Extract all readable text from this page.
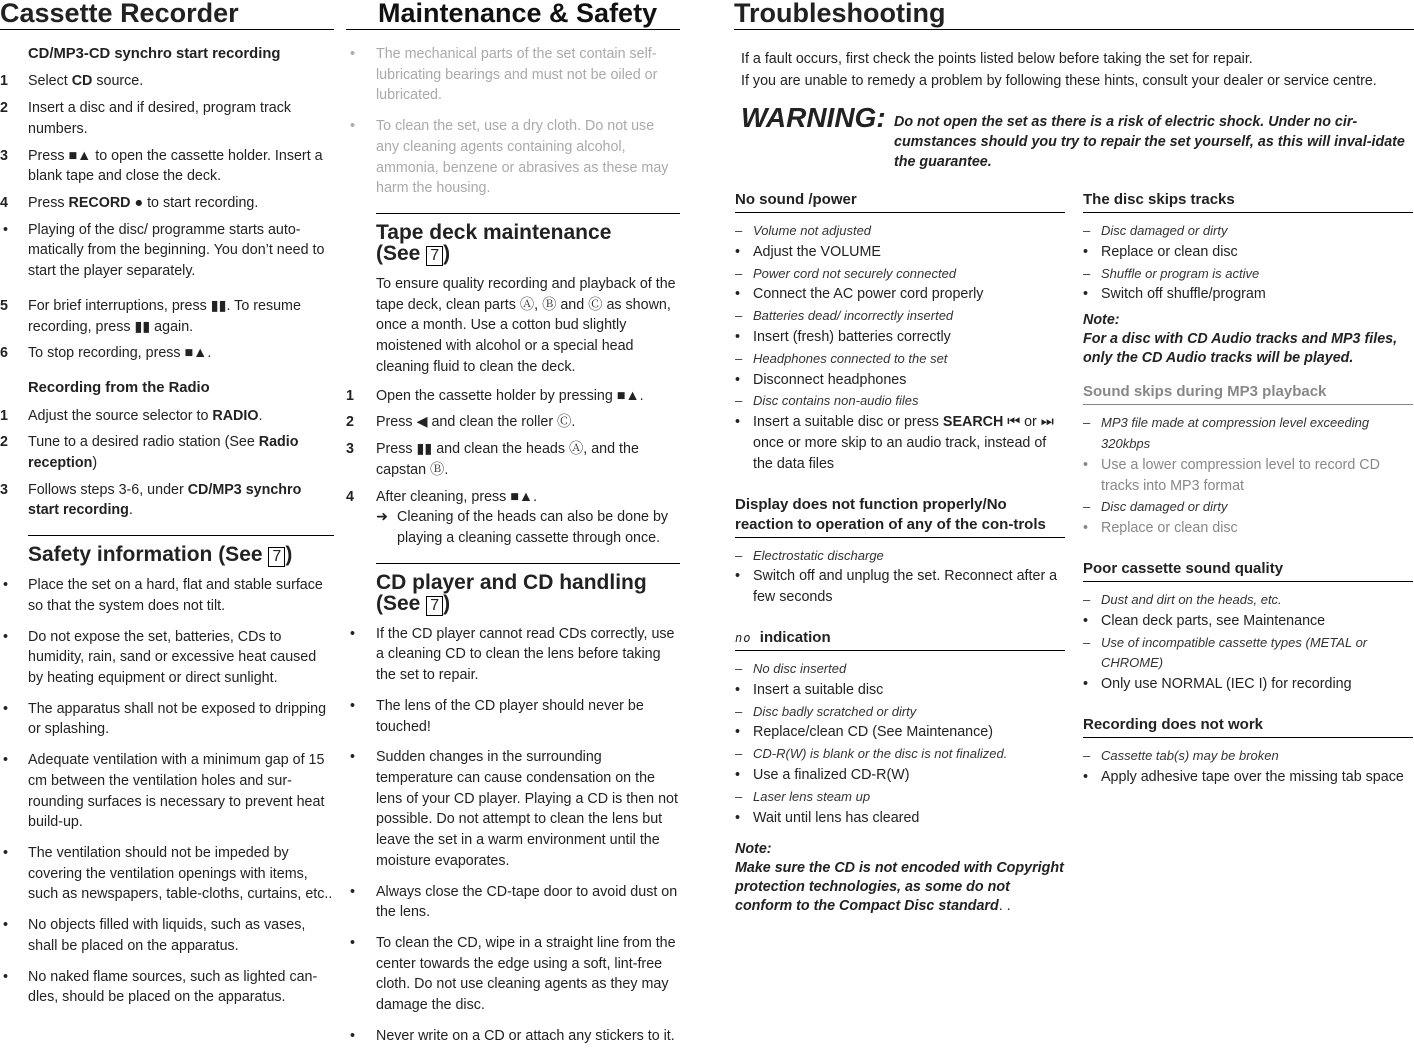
Cassette Recorder
CD/MP3-CD synchro start recording
1 Select CD source.
2 Insert a disc and if desired, program track numbers.
3 Press ■▲ to open the cassette holder. Insert a blank tape and close the deck.
4 Press RECORD ● to start recording.
• Playing of the disc/ programme starts auto-matically from the beginning. You don’t need to start the player separately.
5 For brief interruptions, press ▮▮. To resume recording, press ▮▮ again.
6 To stop recording, press ■▲.
Recording from the Radio
1 Adjust the source selector to RADIO.
2 Tune to a desired radio station (See Radio reception)
3 Follows steps 3-6, under CD/MP3 synchro start recording.
Safety information (See 7 )
• Place the set on a hard, flat and stable surface so that the system does not tilt.
• Do not expose the set, batteries, CDs to humidity, rain, sand or excessive heat caused by heating equipment or direct sunlight.
• The apparatus shall not be exposed to dripping or splashing.
• Adequate ventilation with a minimum gap of 15 cm between the ventilation holes and sur-rounding surfaces is necessary to prevent heat build-up.
• The ventilation should not be impeded by covering the ventilation openings with items, such as newspapers, table-cloths, curtains, etc..
• No objects filled with liquids, such as vases, shall be placed on the apparatus.
• No naked flame sources, such as lighted can-dles, should be placed on the apparatus.
Maintenance & Safety
• The mechanical parts of the set contain self-lubricating bearings and must not be oiled or lubricated.
• To clean the set, use a dry cloth. Do not use any cleaning agents containing alcohol, ammonia, benzene or abrasives as these may harm the housing.
Tape deck maintenance
(See 7 )

To ensure quality recording and playback of the tape deck, clean parts Ⓐ, Ⓑ and Ⓒ as shown, once a month. Use a cotton bud slightly moistened with alcohol or a special head cleaning fluid to clean the deck.

1 Open the cassette holder by pressing ■▲.
2 Press ◀ and clean the roller Ⓒ.
3 Press ▮▮ and clean the heads Ⓐ, and the capstan Ⓑ.
4 After cleaning, press ■▲.
➜ Cleaning of the heads can also be done by playing a cleaning cassette through once.
CD player and CD handling
(See 7 )
• If the CD player cannot read CDs correctly, use a cleaning CD to clean the lens before taking the set to repair.
• The lens of the CD player should never be touched!
• Sudden changes in the surrounding temperature can cause condensation on the lens of your CD player. Playing a CD is then not possible. Do not attempt to clean the lens but leave the set in a warm environment until the moisture evaporates.
• Always close the CD-tape door to avoid dust on the lens.
• To clean the CD, wipe in a straight line from the center towards the edge using a soft, lint-free cloth. Do not use cleaning agents as they may damage the disc.
• Never write on a CD or attach any stickers to it.
Troubleshooting
If a fault occurs, first check the points listed below before taking the set for repair.
If you are unable to remedy a problem by following these hints, consult your dealer or service centre.
WARNING: Do not open the set as there is a risk of electric shock. Under no cir-cumstances should you try to repair the set yourself, as this will inval-idate the guarantee.
No sound /power
– Volume not adjusted
• Adjust the VOLUME
– Power cord not securely connected
• Connect the AC power cord properly
– Batteries dead/ incorrectly inserted
• Insert (fresh) batteries correctly
– Headphones connected to the set
• Disconnect headphones
– Disc contains non-audio files
• Insert a suitable disc or press SEARCH ⏮ or ⏭ once or more skip to an audio track, instead of the data files
Display does not function properly/No reaction to operation of any of the con-trols
– Electrostatic discharge
• Switch off and unplug the set. Reconnect after a few seconds
no  indication
– No disc inserted
• Insert a suitable disc
– Disc badly scratched or dirty
• Replace/clean CD (See Maintenance)
– CD-R(W) is blank or the disc is not finalized.
• Use a finalized CD-R(W)
– Laser lens steam up
• Wait until lens has cleared
Note:
Make sure the CD is not encoded with Copyright protection technologies, as some do not conform to the Compact Disc standard. .
The disc skips tracks
– Disc damaged or dirty
• Replace or clean disc
– Shuffle or program is active
• Switch off shuffle/program
Note:
For a disc with CD Audio tracks and MP3 files, only the CD Audio tracks will be played.
Sound skips during MP3 playback
– MP3 file made at compression level exceeding 320kbps
• Use a lower compression level to record CD tracks into MP3 format
– Disc damaged or dirty
• Replace or clean disc
Poor cassette sound quality
– Dust and dirt on the heads, etc.
• Clean deck parts, see Maintenance
– Use of incompatible cassette types (METAL or CHROME)
• Only use NORMAL (IEC I) for recording
Recording does not work
– Cassette tab(s) may be broken
• Apply adhesive tape over the missing tab space
